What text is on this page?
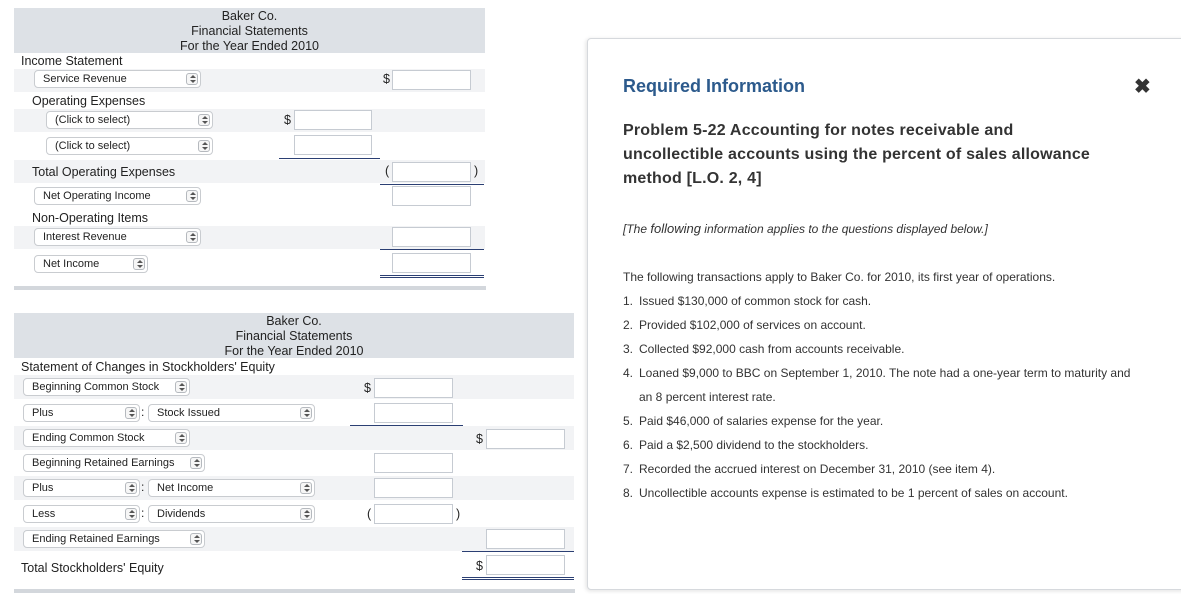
Baker Co.
Financial Statements
For the Year Ended 2010
Income Statement
Service Revenue	$
Operating Expenses
(Click to select)	$
(Click to select)
Total Operating Expenses	(	)
Net Operating Income
Non-Operating Items
Interest Revenue
Net Income
Baker Co.
Financial Statements
For the Year Ended 2010
Statement of Changes in Stockholders' Equity
Beginning Common Stock	$
Plus	:	Stock Issued
Ending Common Stock	$
Beginning Retained Earnings
Plus	:	Net Income
Less	:	Dividends	(	)
Ending Retained Earnings
Total Stockholders' Equity	$
Required Information	✖
Problem 5-22 Accounting for notes receivable and
uncollectible accounts using the percent of sales allowance
method [L.O. 2, 4]
[The following information applies to the questions displayed below.]
The following transactions apply to Baker Co. for 2010, its first year of operations.
1. Issued $130,000 of common stock for cash.
2. Provided $102,000 of services on account.
3. Collected $92,000 cash from accounts receivable.
4. Loaned $9,000 to BBC on September 1, 2010. The note had a one-year term to maturity and an 8 percent interest rate.
5. Paid $46,000 of salaries expense for the year.
6. Paid a $2,500 dividend to the stockholders.
7. Recorded the accrued interest on December 31, 2010 (see item 4).
8. Uncollectible accounts expense is estimated to be 1 percent of sales on account.
